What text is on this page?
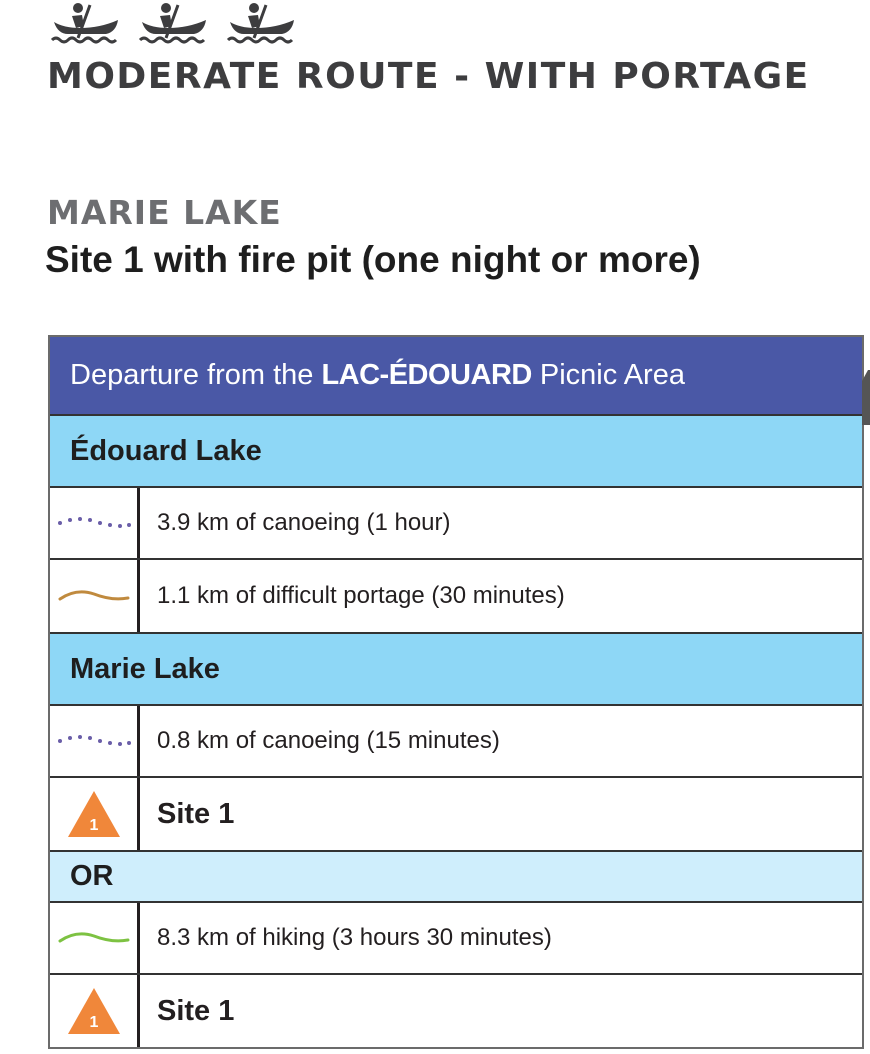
MODERATE ROUTE - WITH PORTAGE
MARIE LAKE
Site 1 with fire pit (one night or more)
Departure from the LAC-ÉDOUARD Picnic Area
Édouard Lake
3.9 km of canoeing (1 hour)
1.1 km of difficult portage (30 minutes)
Marie Lake
0.8 km of canoeing (15 minutes)
1	Site 1
OR
8.3 km of hiking (3 hours 30 minutes)
1	Site 1
